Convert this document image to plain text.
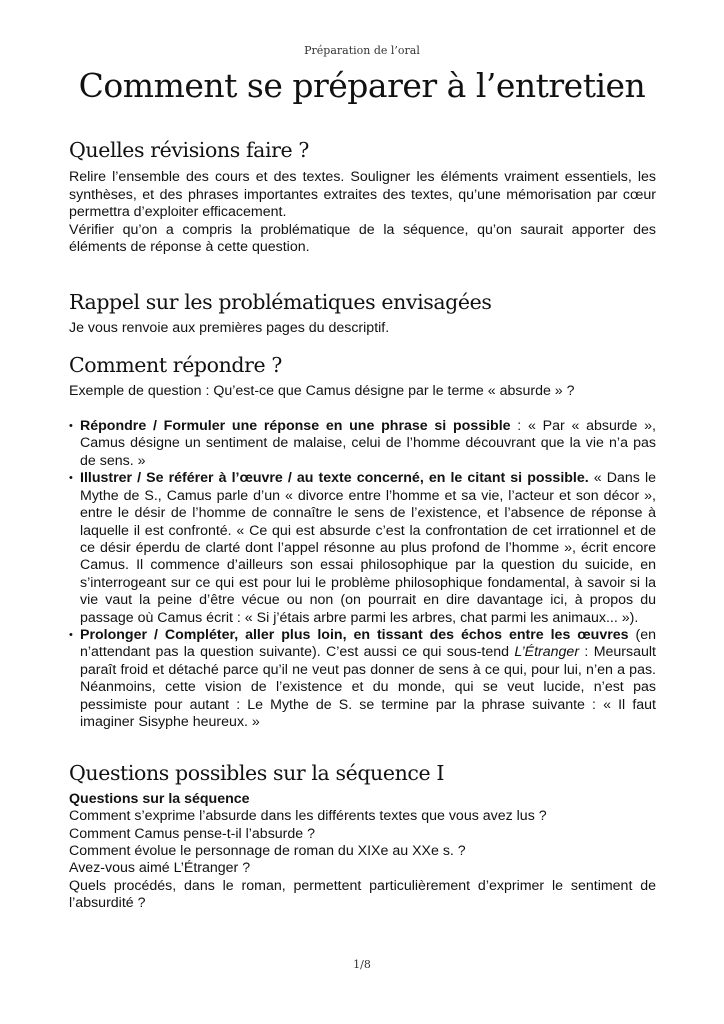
Préparation de l’oral
Comment se préparer à l’entretien
Quelles révisions faire ?

Relire l’ensemble des cours et des textes. Souligner les éléments vraiment essentiels, les synthèses, et des phrases importantes extraites des textes, qu’une mémorisation par cœur permettra d’exploiter efficacement.

Vérifier qu’on a compris la problématique de la séquence, qu’on saurait apporter des éléments de réponse à cette question.

Rappel sur les problématiques envisagées

Je vous renvoie aux premières pages du descriptif.

Comment répondre ?

Exemple de question : Qu’est-ce que Camus désigne par le terme « absurde » ?

• Répondre / Formuler une réponse en une phrase si possible : « Par « absurde », Camus désigne un sentiment de malaise, celui de l’homme découvrant que la vie n’a pas de sens. »
• Illustrer / Se référer à l’œuvre / au texte concerné, en le citant si possible. « Dans le Mythe de S., Camus parle d’un « divorce entre l’homme et sa vie, l’acteur et son décor », entre le désir de l’homme de connaître le sens de l’existence, et l’absence de réponse à laquelle il est confronté. « Ce qui est absurde c’est la confrontation de cet irrationnel et de ce désir éperdu de clarté dont l’appel résonne au plus profond de l’homme », écrit encore Camus. Il commence d’ailleurs son essai philosophique par la question du suicide, en s’interrogeant sur ce qui est pour lui le problème philosophique fondamental, à savoir si la vie vaut la peine d’être vécue ou non (on pourrait en dire davantage ici, à propos du passage où Camus écrit : « Si j’étais arbre parmi les arbres, chat parmi les animaux... »).
• Prolonger / Compléter, aller plus loin, en tissant des échos entre les œuvres (en n’attendant pas la question suivante). C’est aussi ce qui sous-tend L’Étranger : Meursault paraît froid et détaché parce qu’il ne veut pas donner de sens à ce qui, pour lui, n’en a pas. Néanmoins, cette vision de l’existence et du monde, qui se veut lucide, n’est pas pessimiste pour autant : Le Mythe de S. se termine par la phrase suivante : « Il faut imaginer Sisyphe heureux. »
Questions possibles sur la séquence I

Questions sur la séquence

Comment s’exprime l’absurde dans les différents textes que vous avez lus ?

Comment Camus pense-t-il l’absurde ?

Comment évolue le personnage de roman du XIXe au XXe s. ?

Avez-vous aimé L’Étranger ?

Quels procédés, dans le roman, permettent particulièrement d’exprimer le sentiment de l’absurdité ?

1/8
